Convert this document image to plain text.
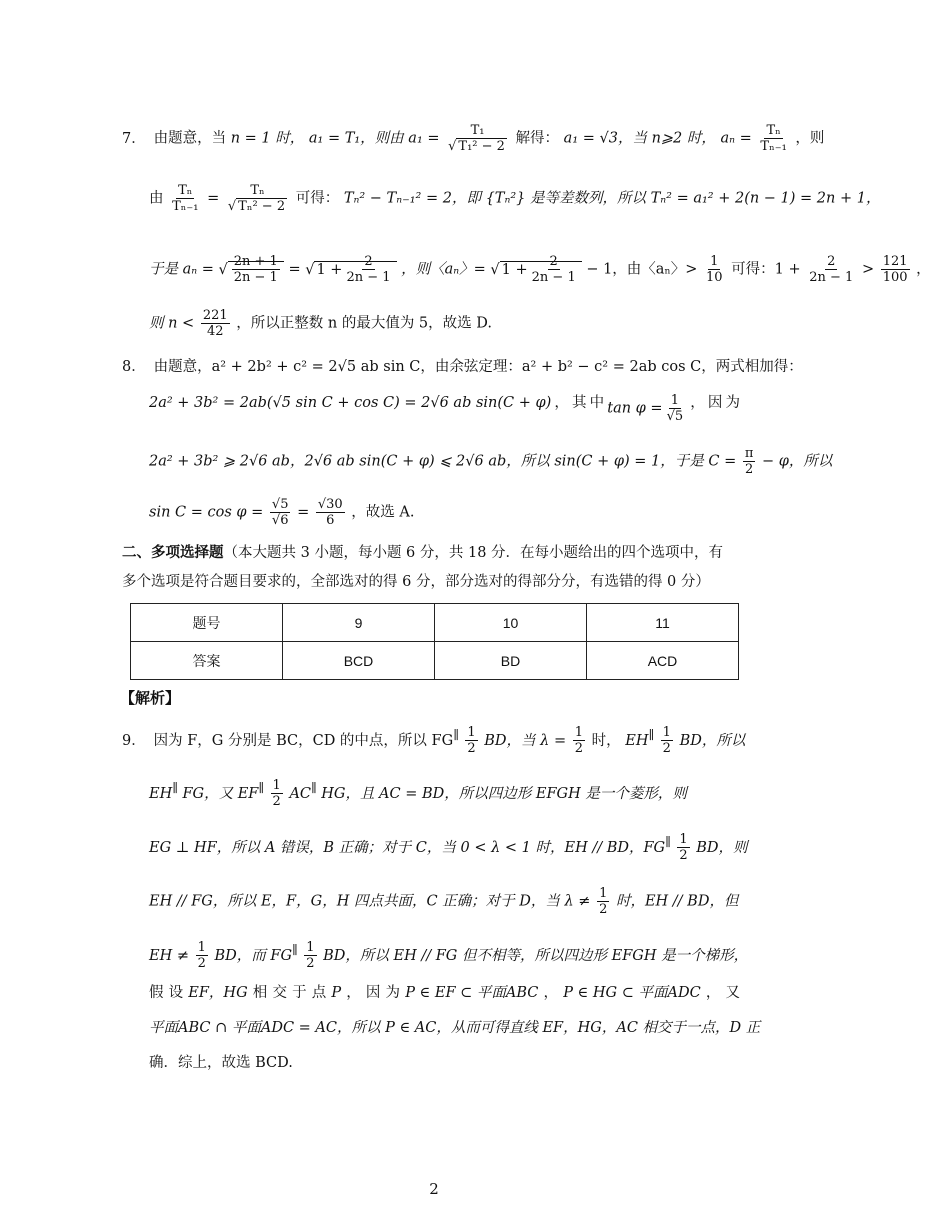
7． 由题意，当 n = 1 时， a₁ = T₁，则由 a₁ = T₁
√ T₁² − 2 解得： a₁ = √3，当 n⩾2 时， $a_n = \frac{\text{Tₙ}}{\text{Tₙ₋₁}}$ ，则
由 $\frac{\text{Tₙ}}{\text{Tₙ₋₁}} = T_n$
√ Tₙ² − 2 可得： Tₙ² − Tₙ₋₁² = 2，即 {Tₙ²} 是等差数列，所以 Tₙ² = a₁² + 2(n − 1) = 2n + 1，
于是 aₙ = √ $\frac{2n + 1}{2n - 1}$ = √ $1 + \frac{2}{2n - 1}$ ，则〈aₙ〉= √ $1 + \frac{2}{2n - 1} - 1$，由〈aₙ〉> $\frac{1}{10}$ 可得：$1 + \frac{2}{2n - 1} > \frac{121}{100}$ ，
则 $n < \frac{221}{42}$ ，所以正整数 n 的最大值为 5，故选 D.
8． 由题意，a² + 2b² + c² = 2√5 ab sin C，由余弦定理：a² + b² − c² = 2ab cos C，两式相加得：
2a² + 3b² = 2ab(√5 sin C + cos C) = 2√6 ab sin(C + φ) ， 其 中 $\tan \varphi = \frac{1}{√5}$ ， 因 为
2a² + 3b² ⩾ 2√6 ab，2√6 ab sin(C + φ) ⩽ 2√6 ab，所以 sin(C + φ) = 1，于是 $C = \frac{\pi}{2} - \varphi$，所以
$\sin C = \cos \varphi = \frac{√5}{√6} = \frac{√30}{6}$ ，故选 A.
二、多项选择题（本大题共 3 小题，每小题 6 分，共 18 分．在每小题给出的四个选项中，有
多个选项是符合题目要求的，全部选对的得 6 分，部分选对的得部分分，有选错的得 0 分）
题号	9	10	11
答案	BCD	BD	ACD
【解析】
9． 因为 F，G 分别是 BC，CD 的中点，所以 $FG^\parallel \frac{1}{2}$ BD，当 $\lambda = \frac{1}{2}$ 时， $EH^\parallel \frac{1}{2}$ BD，所以
EH∥ FG，又 $EF^\parallel \frac{1}{2} AC^\parallel$ HG，且 AC = BD，所以四边形 EFGH 是一个菱形，则
EG ⊥ HF，所以 A 错误，B 正确；对于 C，当 0 < λ < 1 时，EH // BD，$FG^\parallel \frac{1}{2}$ BD，则
EH // FG，所以 E，F，G，H 四点共面，C 正确；对于 D，当 $\lambda \ne \frac{1}{2}$ 时，EH // BD，但
EH ≠ $\frac{1}{2}$ BD，而 $FG^\parallel \frac{1}{2}$ BD，所以 EH // FG 但不相等，所以四边形 EFGH 是一个梯形，
假 设 EF，HG 相 交 于 点 P ， 因 为 P ∈ EF ⊂ 平面ABC ， P ∈ HG ⊂ 平面ADC ， 又
平面ABC ∩ 平面ADC = AC，所以 P ∈ AC，从而可得直线 EF，HG，AC 相交于一点，D 正
确．综上，故选 BCD.
2
